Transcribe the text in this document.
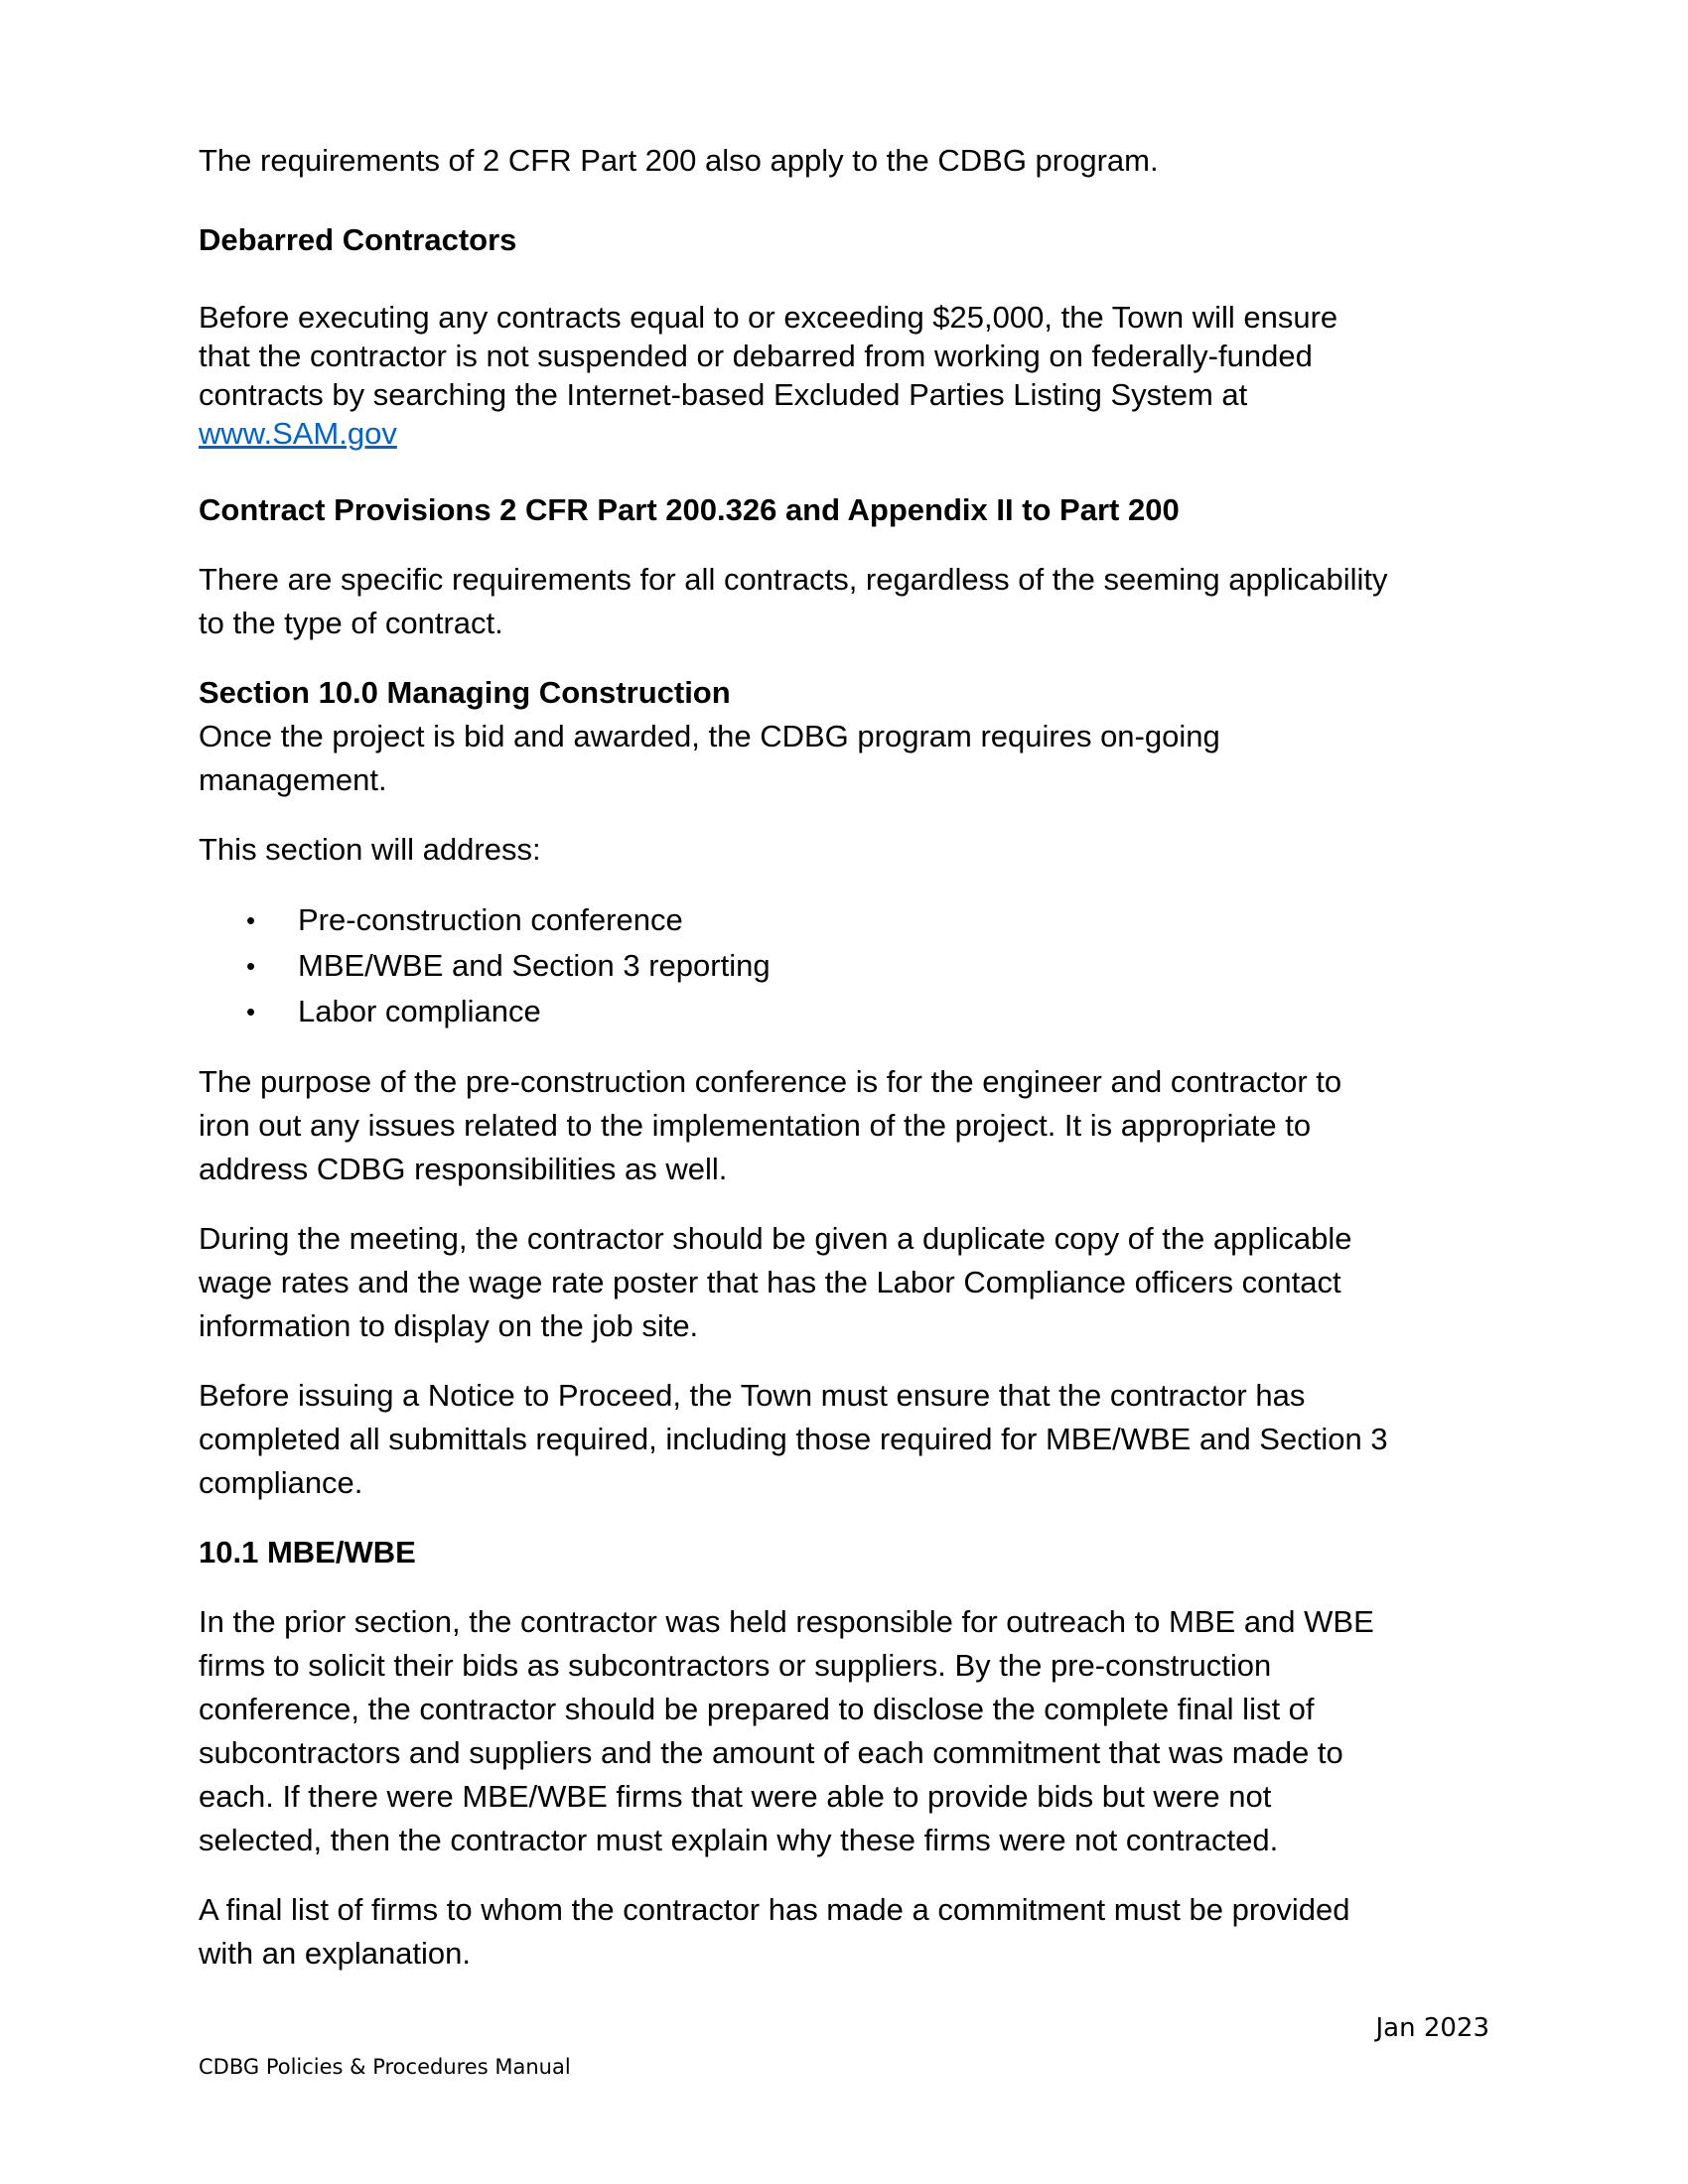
The requirements of 2 CFR Part 200 also apply to the CDBG program.

Debarred Contractors

Before executing any contracts equal to or exceeding $25,000, the Town will ensure
that the contractor is not suspended or debarred from working on federally-funded
contracts by searching the Internet-based Excluded Parties Listing System at
www.SAM.gov

Contract Provisions 2 CFR Part 200.326 and Appendix II to Part 200

There are specific requirements for all contracts, regardless of the seeming applicability
to the type of contract.

Section 10.0 Managing Construction

Once the project is bid and awarded, the CDBG program requires on-going
management.

This section will address:

• Pre-construction conference
• MBE/WBE and Section 3 reporting
• Labor compliance

The purpose of the pre-construction conference is for the engineer and contractor to
iron out any issues related to the implementation of the project. It is appropriate to
address CDBG responsibilities as well.

During the meeting, the contractor should be given a duplicate copy of the applicable
wage rates and the wage rate poster that has the Labor Compliance officers contact
information to display on the job site.

Before issuing a Notice to Proceed, the Town must ensure that the contractor has
completed all submittals required, including those required for MBE/WBE and Section 3
compliance.

10.1 MBE/WBE

In the prior section, the contractor was held responsible for outreach to MBE and WBE
firms to solicit their bids as subcontractors or suppliers. By the pre-construction
conference, the contractor should be prepared to disclose the complete final list of
subcontractors and suppliers and the amount of each commitment that was made to
each. If there were MBE/WBE firms that were able to provide bids but were not
selected, then the contractor must explain why these firms were not contracted.

A final list of firms to whom the contractor has made a commitment must be provided
with an explanation.

Jan 2023
CDBG Policies & Procedures Manual
